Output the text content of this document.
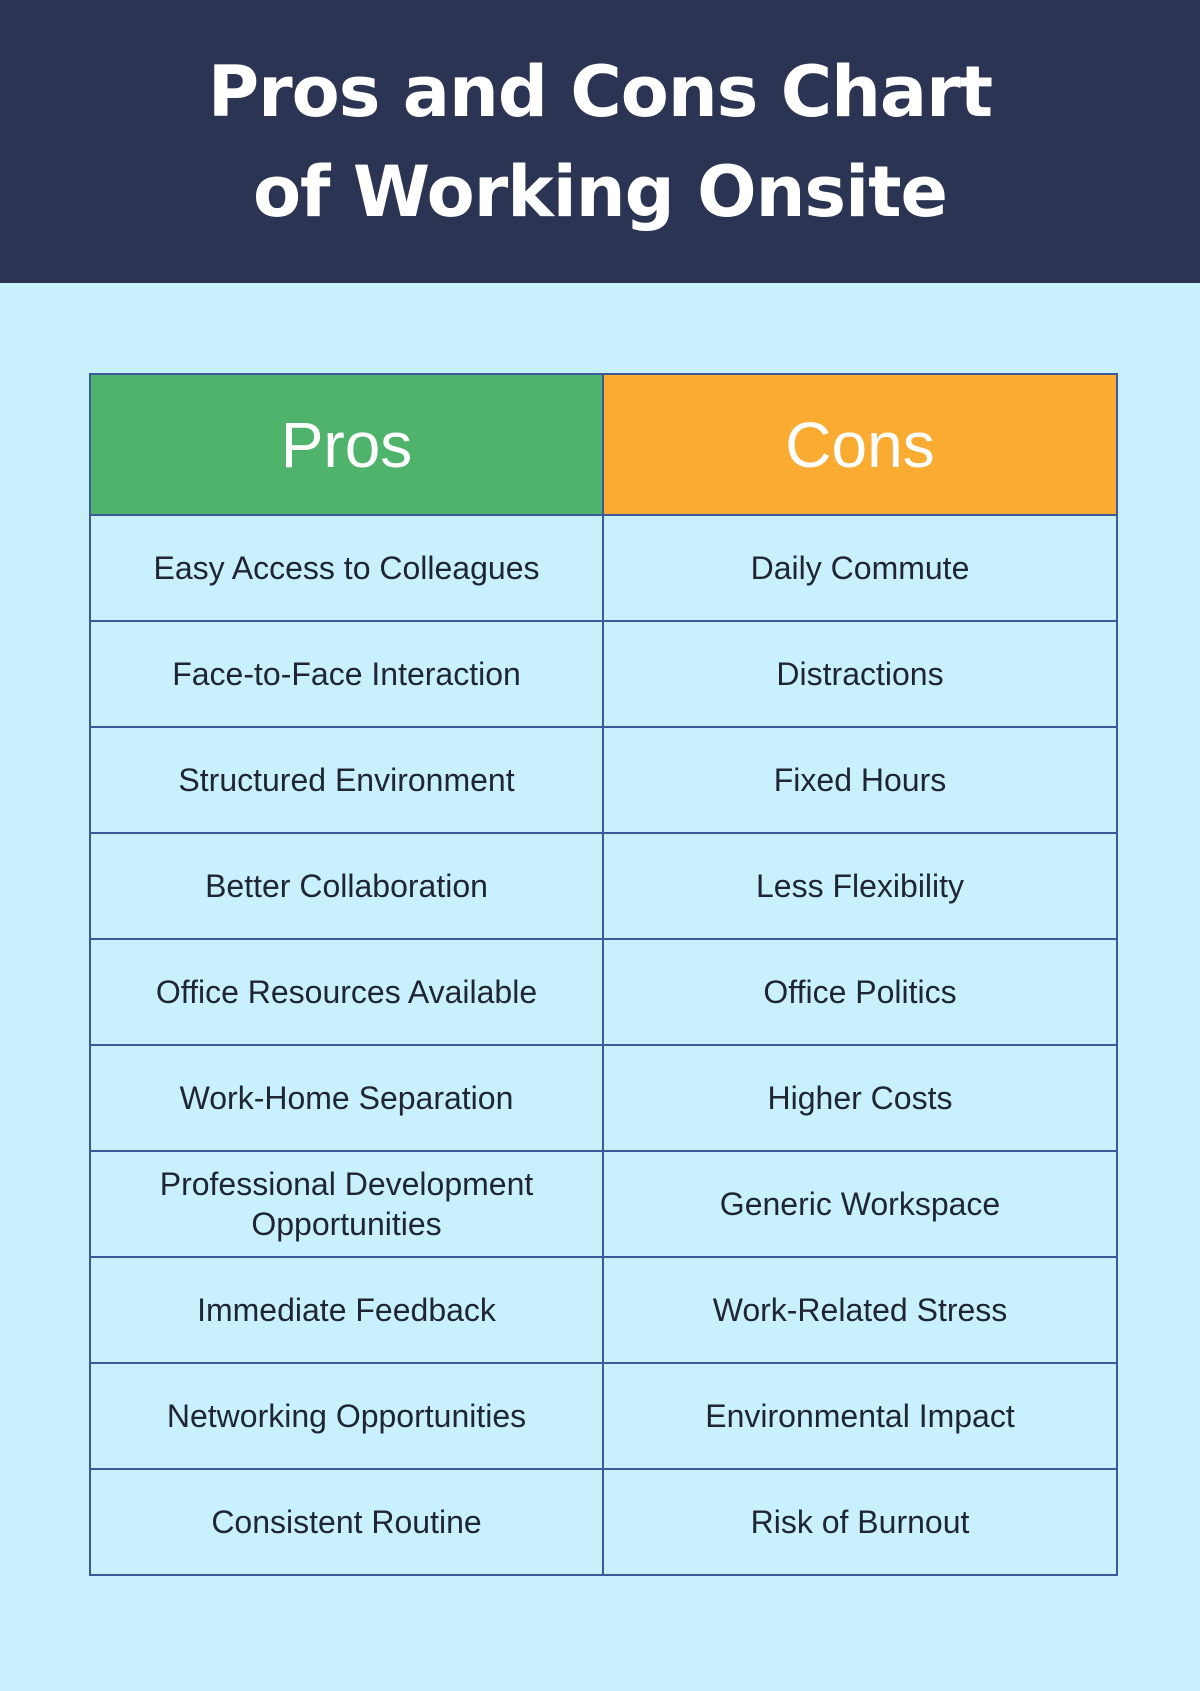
Pros and Cons Chart
of Working Onsite
Pros	Cons
Easy Access to Colleagues	Daily Commute
Face-to-Face Interaction	Distractions
Structured Environment	Fixed Hours
Better Collaboration	Less Flexibility
Office Resources Available	Office Politics
Work-Home Separation	Higher Costs
Professional Development Opportunities	Generic Workspace
Immediate Feedback	Work-Related Stress
Networking Opportunities	Environmental Impact
Consistent Routine	Risk of Burnout
